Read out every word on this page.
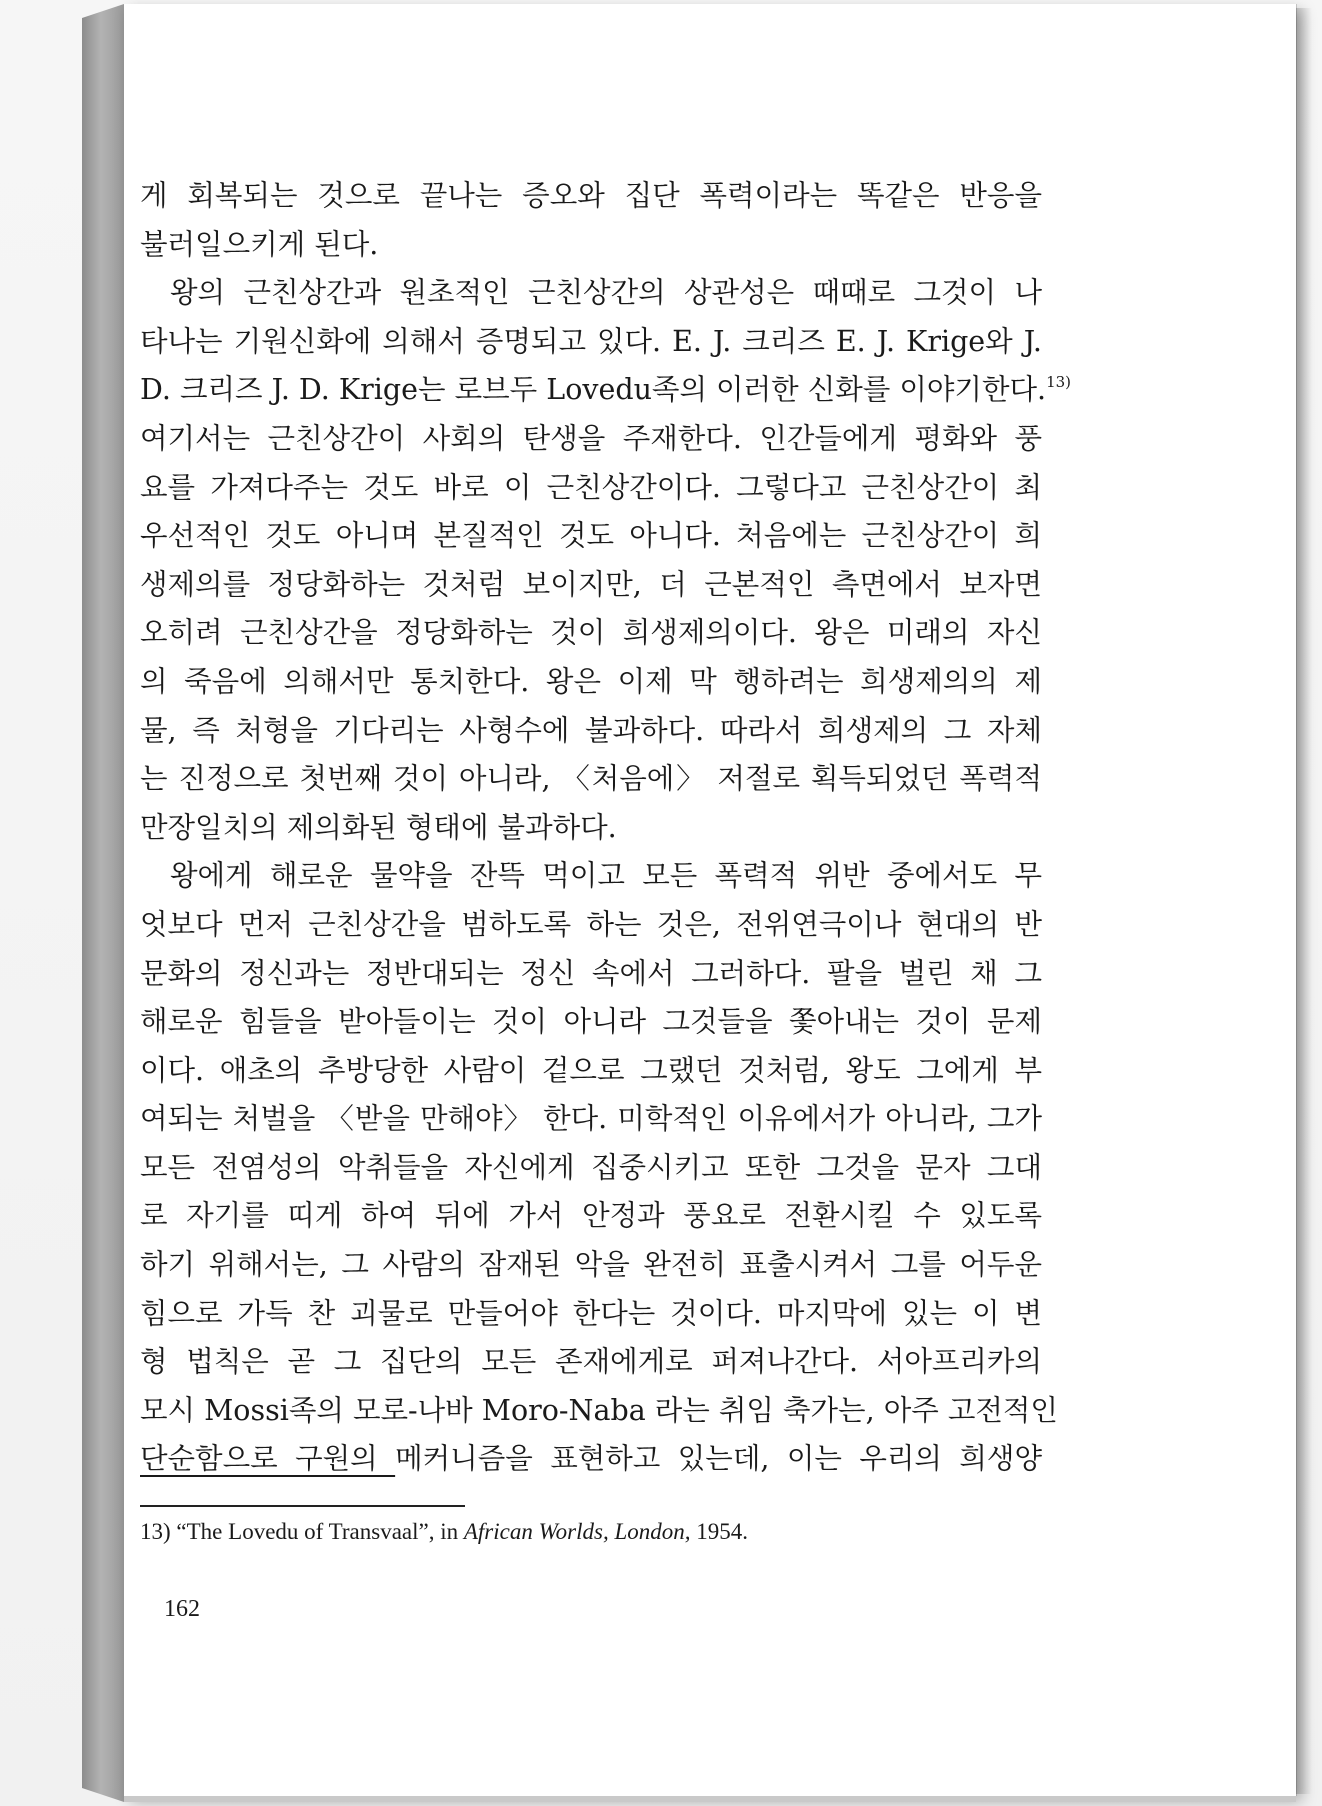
게 회복되는 것으로 끝나는 증오와 집단 폭력이라는 똑같은 반응을
불러일으키게 된다.
왕의 근친상간과 원초적인 근친상간의 상관성은 때때로 그것이 나
타나는 기원신화에 의해서 증명되고 있다. E. J. 크리즈 E. J. Krige와 J.
D. 크리즈 J. D. Krige는 로브두 Lovedu족의 이러한 신화를 이야기한다.$^{13)}$
여기서는 근친상간이 사회의 탄생을 주재한다. 인간들에게 평화와 풍
요를 가져다주는 것도 바로 이 근친상간이다. 그렇다고 근친상간이 최
우선적인 것도 아니며 본질적인 것도 아니다. 처음에는 근친상간이 희
생제의를 정당화하는 것처럼 보이지만, 더 근본적인 측면에서 보자면
오히려 근친상간을 정당화하는 것이 희생제의이다. 왕은 미래의 자신
의 죽음에 의해서만 통치한다. 왕은 이제 막 행하려는 희생제의의 제
물, 즉 처형을 기다리는 사형수에 불과하다. 따라서 희생제의 그 자체
는 진정으로 첫번째 것이 아니라, 〈처음에〉 저절로 획득되었던 폭력적
만장일치의 제의화된 형태에 불과하다.
왕에게 해로운 물약을 잔뜩 먹이고 모든 폭력적 위반 중에서도 무
엇보다 먼저 근친상간을 범하도록 하는 것은, 전위연극이나 현대의 반
문화의 정신과는 정반대되는 정신 속에서 그러하다. 팔을 벌린 채 그
해로운 힘들을 받아들이는 것이 아니라 그것들을 쫓아내는 것이 문제
이다. 애초의 추방당한 사람이 겉으로 그랬던 것처럼, 왕도 그에게 부
여되는 처벌을 〈받을 만해야〉 한다. 미학적인 이유에서가 아니라, 그가
모든 전염성의 악취들을 자신에게 집중시키고 또한 그것을 문자 그대
로 자기를 띠게 하여 뒤에 가서 안정과 풍요로 전환시킬 수 있도록
하기 위해서는, 그 사람의 잠재된 악을 완전히 표출시켜서 그를 어두운
힘으로 가득 찬 괴물로 만들어야 한다는 것이다. 마지막에 있는 이 변
형 법칙은 곧 그 집단의 모든 존재에게로 퍼져나간다. 서아프리카의
모시 Mossi족의 모로-나바 Moro-Naba 라는 취임 축가는, 아주 고전적인
단순함으로 구원의 메커니즘을 표현하고 있는데, 이는 우리의 희생양
13) “The Lovedu of Transvaal”, in African Worlds, London, 1954.
162
